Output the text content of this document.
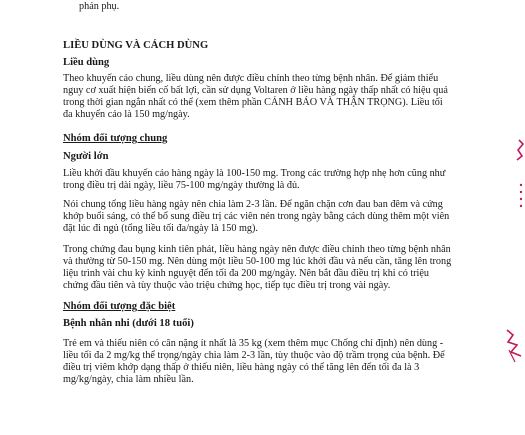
phản phụ.
LIỀU DÙNG VÀ CÁCH DÙNG
Liều dùng
Theo khuyến cáo chung, liều dùng nên được điều chỉnh theo từng bệnh nhân. Để giảm thiểu
nguy cơ xuất hiện biến cố bất lợi, cần sử dụng Voltaren ở liều hàng ngày thấp nhất có hiệu quả
trong thời gian ngắn nhất có thể (xem thêm phần CẢNH BÁO VÀ THẬN TRỌNG). Liều tối
đa khuyến cáo là 150 mg/ngày.
Nhóm đối tượng chung
Người lớn
Liều khởi đầu khuyến cáo hàng ngày là 100-150 mg. Trong các trường hợp nhẹ hơn cũng như
trong điều trị dài ngày, liều 75-100 mg/ngày thường là đủ.
Nói chung tổng liều hàng ngày nên chia làm 2-3 lần. Để ngăn chặn cơn đau ban đêm và cứng
khớp buổi sáng, có thể bổ sung điều trị các viên nén trong ngày bằng cách dùng thêm một viên
đặt lúc đi ngủ (tổng liều tối đa/ngày là 150 mg).
Trong chứng đau bụng kinh tiên phát, liều hàng ngày nên được điều chỉnh theo từng bệnh nhân
và thường từ 50-150 mg. Nên dùng một liều 50-100 mg lúc khởi đầu và nếu cần, tăng lên trong
liệu trình vài chu kỳ kinh nguyệt đến tối đa 200 mg/ngày. Nên bắt đầu điều trị khi có triệu
chứng đầu tiên và tùy thuộc vào triệu chứng học, tiếp tục điều trị trong vài ngày.
Nhóm đối tượng đặc biệt
Bệnh nhân nhi (dưới 18 tuổi)
Trẻ em và thiếu niên có cân nặng ít nhất là 35 kg (xem thêm mục Chống chỉ định) nên dùng -
liều tối đa 2 mg/kg thể trọng/ngày chia làm 2-3 lần, tùy thuộc vào độ trầm trọng của bệnh. Để
điều trị viêm khớp dạng thấp ở thiếu niên, liều hàng ngày có thể tăng lên đến tối đa là 3
mg/kg/ngày, chia làm nhiều lần.
